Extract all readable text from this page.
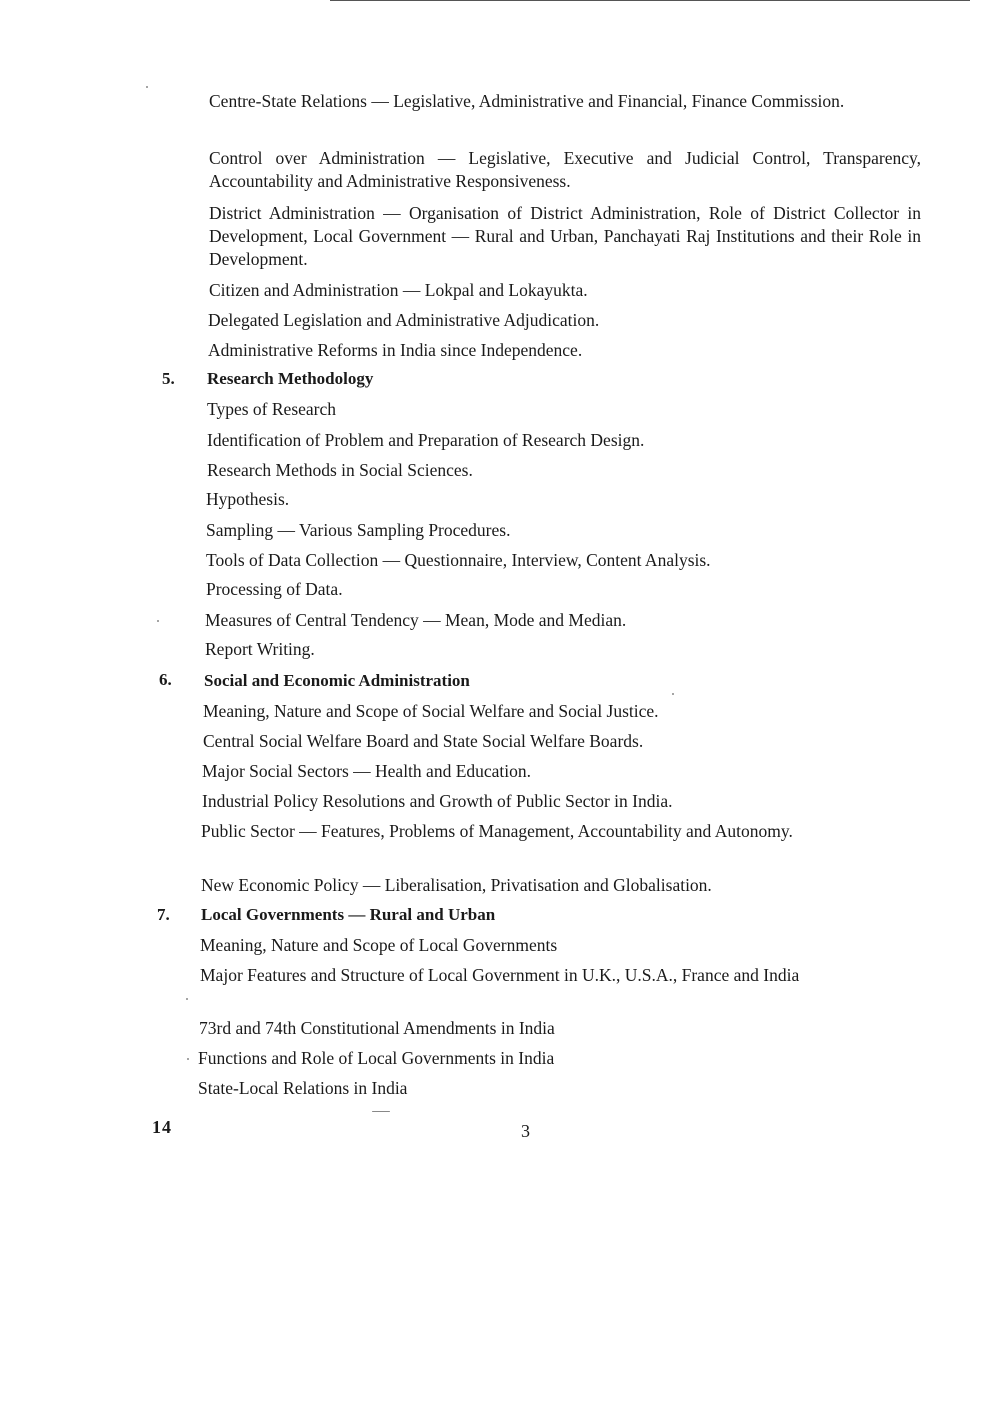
Centre-State Relations — Legislative, Administrative and Financial, Finance Commission.
Control over Administration — Legislative, Executive and Judicial Control, Transparency, Accountability and Administrative Responsiveness.
District Administration — Organisation of District Administration, Role of District Collector in Development, Local Government — Rural and Urban, Panchayati Raj Institutions and their Role in Development.
Citizen and Administration — Lokpal and Lokayukta.
Delegated Legislation and Administrative Adjudication.
Administrative Reforms in India since Independence.
5. Research Methodology
Types of Research
Identification of Problem and Preparation of Research Design.
Research Methods in Social Sciences.
Hypothesis.
Sampling — Various Sampling Procedures.
Tools of Data Collection — Questionnaire, Interview, Content Analysis.
Processing of Data.
Measures of Central Tendency — Mean, Mode and Median.
Report Writing.
6. Social and Economic Administration
Meaning, Nature and Scope of Social Welfare and Social Justice.
Central Social Welfare Board and State Social Welfare Boards.
Major Social Sectors — Health and Education.
Industrial Policy Resolutions and Growth of Public Sector in India.
Public Sector — Features, Problems of Management, Accountability and Autonomy.
New Economic Policy — Liberalisation, Privatisation and Globalisation.
7. Local Governments — Rural and Urban
Meaning, Nature and Scope of Local Governments
Major Features and Structure of Local Government in U.K., U.S.A., France and India
73rd and 74th Constitutional Amendments in India
Functions and Role of Local Governments in India
State-Local Relations in India
14	3
